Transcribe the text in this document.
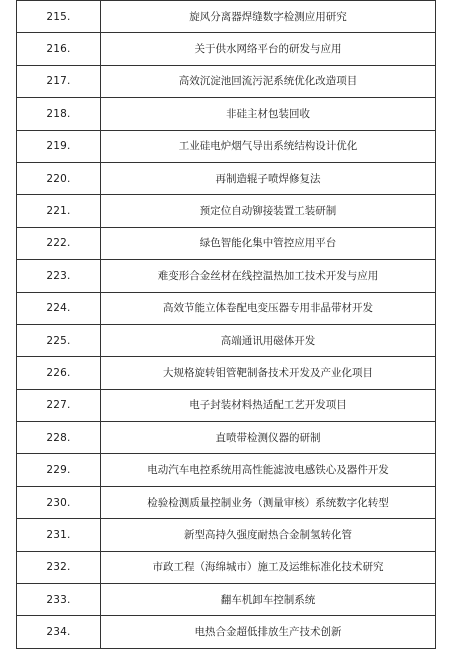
215.	旋风分离器焊缝数字检测应用研究
216.	关于供水网络平台的研发与应用
217.	高效沉淀池回流污泥系统优化改造项目
218.	非硅主材包装回收
219.	工业硅电炉烟气导出系统结构设计优化
220.	再制造辊子喷焊修复法
221.	预定位自动铆接装置工装研制
222.	绿色智能化集中管控应用平台
223.	难变形合金丝材在线控温热加工技术开发与应用
224.	高效节能立体卷配电变压器专用非晶带材开发
225.	高端通讯用磁体开发
226.	大规格旋转钼管靶制备技术开发及产业化项目
227.	电子封装材料热适配工艺开发项目
228.	直喷带检测仪器的研制
229.	电动汽车电控系统用高性能滤波电感铁心及器件开发
230.	检验检测质量控制业务（测量审核）系统数字化转型
231.	新型高持久强度耐热合金制氢转化管
232.	市政工程（海绵城市）施工及运维标准化技术研究
233.	翻车机卸车控制系统
234.	电热合金超低排放生产技术创新
